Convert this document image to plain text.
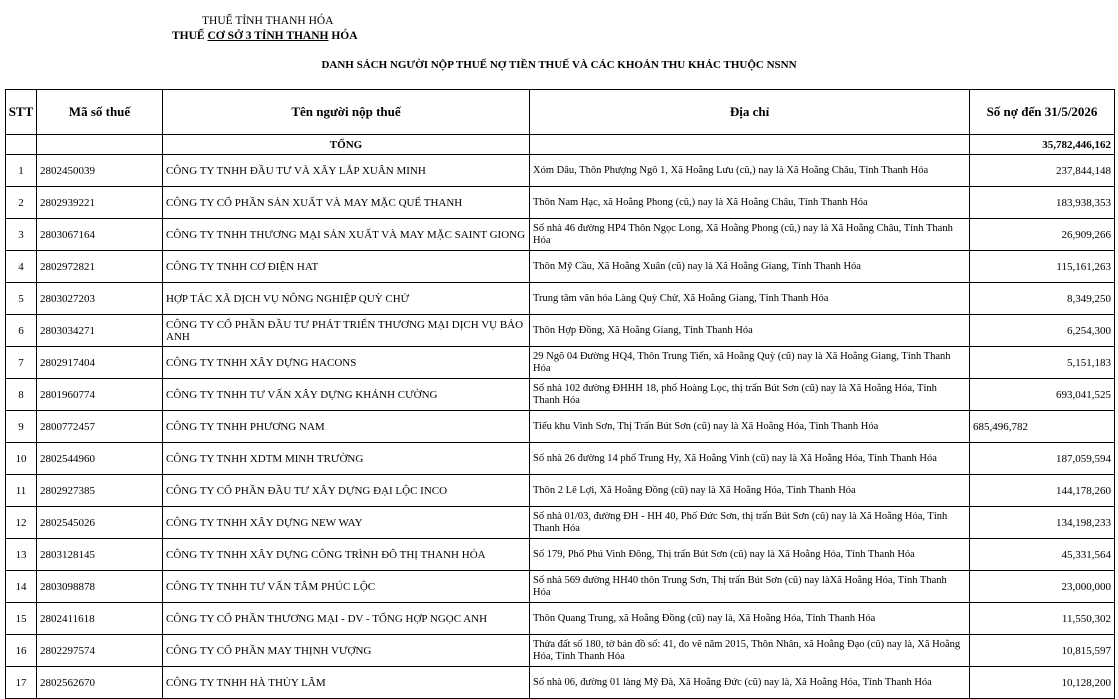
THUẾ TỈNH THANH HÓA
THUẾ CƠ SỞ 3 TỈNH THANH HÓA
DANH SÁCH NGƯỜI NỘP THUẾ NỢ TIỀN THUẾ VÀ CÁC KHOẢN THU KHÁC THUỘC NSNN
STT	Mã số thuế	Tên người nộp thuế	Địa chỉ	Số nợ đến 31/5/2026
		TỔNG		35,782,446,162
1	2802450039	CÔNG TY TNHH ĐẦU TƯ VÀ XÂY LẮP XUÂN MINH	Xóm Dâu, Thôn Phượng Ngô 1, Xã Hoằng Lưu (cũ,) nay là Xã Hoằng Châu, Tỉnh Thanh Hóa	237,844,148
2	2802939221	CÔNG TY CỔ PHẦN SẢN XUẤT VÀ MAY MẶC QUẾ THANH	Thôn Nam Hạc, xã Hoằng Phong (cũ,) nay là Xã Hoằng Châu, Tỉnh Thanh Hóa	183,938,353
3	2803067164	CÔNG TY TNHH THƯƠNG MẠI SẢN XUẤT VÀ MAY MẶC SAINT GIONG	Số nhà 46 đường HP4 Thôn Ngọc Long, Xã Hoằng Phong (cũ,) nay là Xã Hoằng Châu, Tỉnh Thanh Hóa	26,909,266
4	2802972821	CÔNG TY TNHH CƠ ĐIỆN HAT	Thôn Mỹ Cầu, Xã Hoằng Xuân (cũ) nay là Xã Hoằng Giang, Tỉnh Thanh Hóa	115,161,263
5	2803027203	HỢP TÁC XÃ DỊCH VỤ NÔNG NGHIỆP QUỲ CHỬ	Trung tâm văn hóa Làng Quỳ Chử, Xã Hoằng Giang, Tỉnh Thanh Hóa	8,349,250
6	2803034271	CÔNG TY CỔ PHẦN ĐẦU TƯ PHÁT TRIỂN THƯƠNG MẠI DỊCH VỤ BẢO ANH	Thôn Hợp Đồng, Xã Hoằng Giang, Tỉnh Thanh Hóa	6,254,300
7	2802917404	CÔNG TY TNHH XÂY DỰNG HACONS	29 Ngõ 04 Đường HQ4, Thôn Trung Tiến, xã Hoằng Quỳ (cũ) nay là Xã Hoằng Giang, Tỉnh Thanh Hóa	5,151,183
8	2801960774	CÔNG TY TNHH TƯ VẤN XÂY DỰNG KHÁNH CƯỜNG	Số nhà 102 đường ĐHHH 18, phố Hoàng Lọc, thị trấn Bút Sơn (cũ) nay là Xã Hoằng Hóa, Tỉnh Thanh Hóa	693,041,525
9	2800772457	CÔNG TY TNHH PHƯƠNG NAM	Tiểu khu Vinh Sơn, Thị Trấn Bút Sơn (cũ) nay là Xã Hoằng Hóa, Tỉnh Thanh Hóa	685,496,782
10	2802544960	CÔNG TY TNHH XDTM MINH TRƯỜNG	Số nhà 26 đường 14 phố Trung Hy, Xã Hoằng Vinh (cũ) nay là Xã Hoằng Hóa, Tỉnh Thanh Hóa	187,059,594
11	2802927385	CÔNG TY CỔ PHẦN ĐẦU TƯ XÂY DỰNG ĐẠI LỘC INCO	Thôn 2 Lê Lợi, Xã Hoằng Đồng (cũ) nay là Xã Hoằng Hóa, Tỉnh Thanh Hóa	144,178,260
12	2802545026	CÔNG TY TNHH XÂY DỰNG NEW WAY	Số nhà 01/03, đường ĐH - HH 40, Phố Đức Sơn, thị trấn Bút Sơn (cũ) nay là Xã Hoằng Hóa, Tỉnh Thanh Hóa	134,198,233
13	2803128145	CÔNG TY TNHH XÂY DỰNG CÔNG TRÌNH ĐÔ THỊ THANH HÓA	Số 179, Phố Phú Vinh Đông, Thị trấn Bút Sơn (cũ) nay là Xã Hoằng Hóa, Tỉnh Thanh Hóa	45,331,564
14	2803098878	CÔNG TY TNHH TƯ VẤN TÂM PHÚC LỘC	Số nhà 569 đường HH40 thôn Trung Sơn, Thị trấn Bút Sơn (cũ) nay làXã Hoằng Hóa, Tỉnh Thanh Hóa	23,000,000
15	2802411618	CÔNG TY CỔ PHẦN THƯƠNG MẠI - DV - TỔNG HỢP NGỌC ANH	Thôn Quang Trung, xã Hoằng Đồng (cũ) nay là, Xã Hoằng Hóa, Tỉnh Thanh Hóa	11,550,302
16	2802297574	CÔNG TY CỔ PHẦN MAY THỊNH VƯỢNG	Thửa đất số 180, tờ bản đồ số: 41, đo vẽ năm 2015, Thôn Nhân, xã Hoằng Đạo (cũ) nay là, Xã Hoằng Hóa, Tỉnh Thanh Hóa	10,815,597
17	2802562670	CÔNG TY TNHH HÀ THỦY LÂM	Số nhà 06, đường 01 làng Mỹ Đà, Xã Hoằng Đức (cũ) nay là, Xã Hoằng Hóa, Tỉnh Thanh Hóa	10,128,200
